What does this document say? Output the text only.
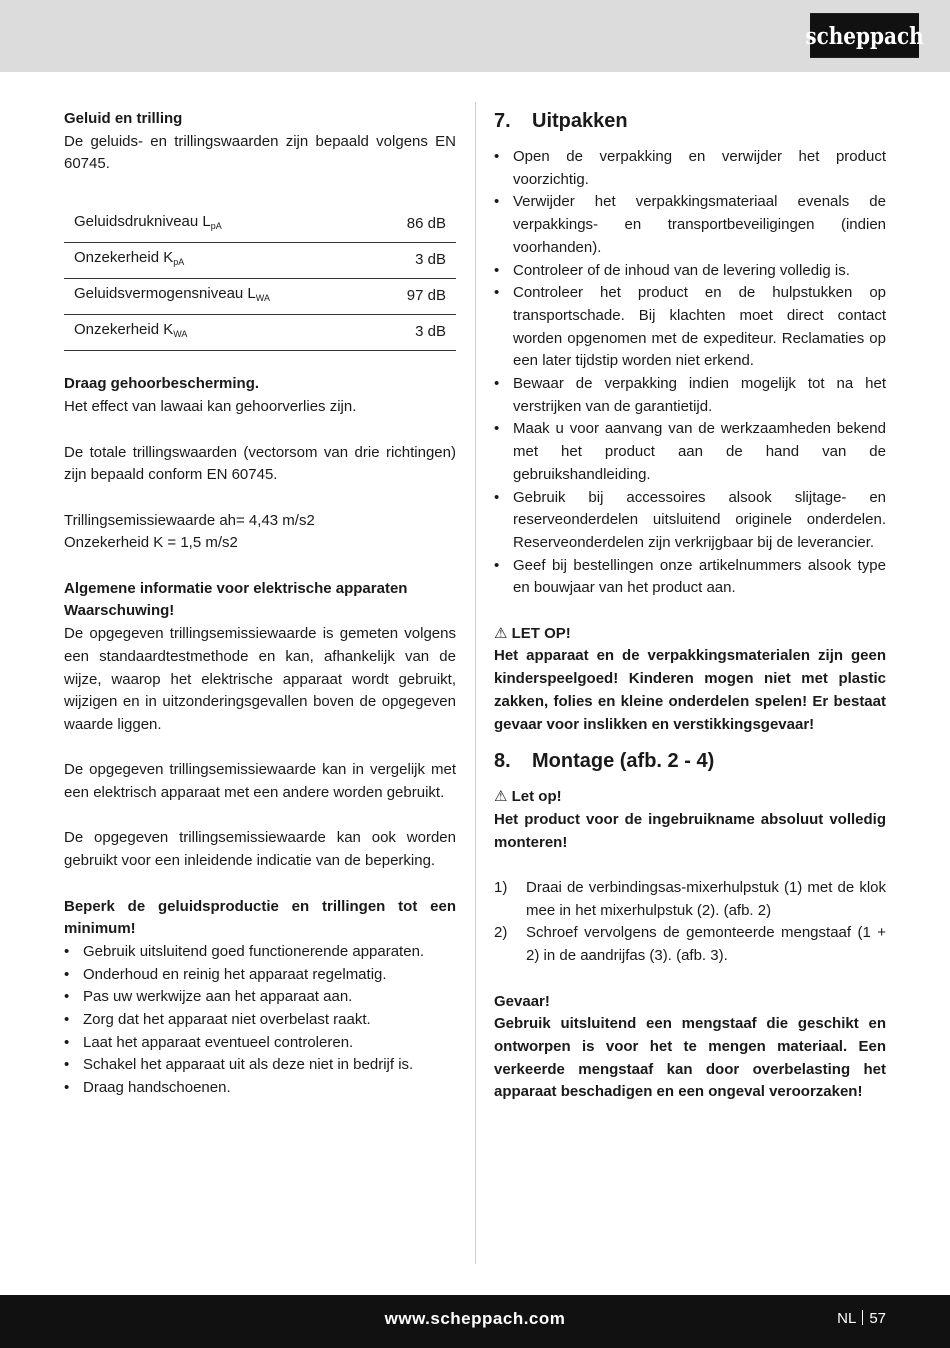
scheppach

Geluid en trilling

De geluids- en trillingswaarden zijn bepaald volgens EN 60745.

Geluidsdrukniveau $L_{pA}$	86 dB
Onzekerheid $K_{pA}$	3 dB
Geluidsvermogensniveau $L_{WA}$	97 dB
Onzekerheid $K_{WA}$	3 dB

Draag gehoorbescherming.

Het effect van lawaai kan gehoorverlies zijn.

De totale trillingswaarden (vectorsom van drie richtingen) zijn bepaald conform EN 60745.

Trillingsemissiewaarde ah= 4,43 m/s2

Onzekerheid K = 1,5 m/s2

Algemene informatie voor elektrische apparaten

Waarschuwing!

De opgegeven trillingsemissiewaarde is gemeten volgens een standaardtestmethode en kan, afhankelijk van de wijze, waarop het elektrische apparaat wordt gebruikt, wijzigen en in uitzonderingsgevallen boven de opgegeven waarde liggen.

De opgegeven trillingsemissiewaarde kan in vergelijk met een elektrisch apparaat met een andere worden gebruikt.

De opgegeven trillingsemissiewaarde kan ook worden gebruikt voor een inleidende indicatie van de beperking.

Beperk de geluidsproductie en trillingen tot een minimum!

• Gebruik uitsluitend goed functionerende apparaten.
• Onderhoud en reinig het apparaat regelmatig.
• Pas uw werkwijze aan het apparaat aan.
• Zorg dat het apparaat niet overbelast raakt.
• Laat het apparaat eventueel controleren.
• Schakel het apparaat uit als deze niet in bedrijf is.
• Draag handschoenen.
7. Uitpakken
• Open de verpakking en verwijder het product voorzichtig.
• Verwijder het verpakkingsmateriaal evenals de verpakkings- en transportbeveiligingen (indien voorhanden).
• Controleer of de inhoud van de levering volledig is.
• Controleer het product en de hulpstukken op transportschade. Bij klachten moet direct contact worden opgenomen met de expediteur. Reclamaties op een later tijdstip worden niet erkend.
• Bewaar de verpakking indien mogelijk tot na het verstrijken van de garantietijd.
• Maak u voor aanvang van de werkzaamheden bekend met het product aan de hand van de gebruikshandleiding.
• Gebruik bij accessoires alsook slijtage- en reserveonderdelen uitsluitend originele onderdelen. Reserveonderdelen zijn verkrijgbaar bij de leverancier.
• Geef bij bestellingen onze artikelnummers alsook type en bouwjaar van het product aan.

⚠ LET OP!

Het apparaat en de verpakkingsmaterialen zijn geen kinderspeelgoed! Kinderen mogen niet met plastic zakken, folies en kleine onderdelen spelen! Er bestaat gevaar voor inslikken en verstikkingsgevaar!

8. Montage (afb. 2 - 4)

⚠ Let op!

Het product voor de ingebruikname absoluut volledig monteren!

1) Draai de verbindingsas-mixerhulpstuk (1) met de klok mee in het mixerhulpstuk (2). (afb. 2)
2) Schroef vervolgens de gemonteerde mengstaaf (1 + 2) in de aandrijfas (3). (afb. 3).

Gevaar!

Gebruik uitsluitend een mengstaaf die geschikt en ontworpen is voor het te mengen materiaal. Een verkeerde mengstaaf kan door overbelasting het apparaat beschadigen en een ongeval veroorzaken!

www.scheppach.com	NL 57
